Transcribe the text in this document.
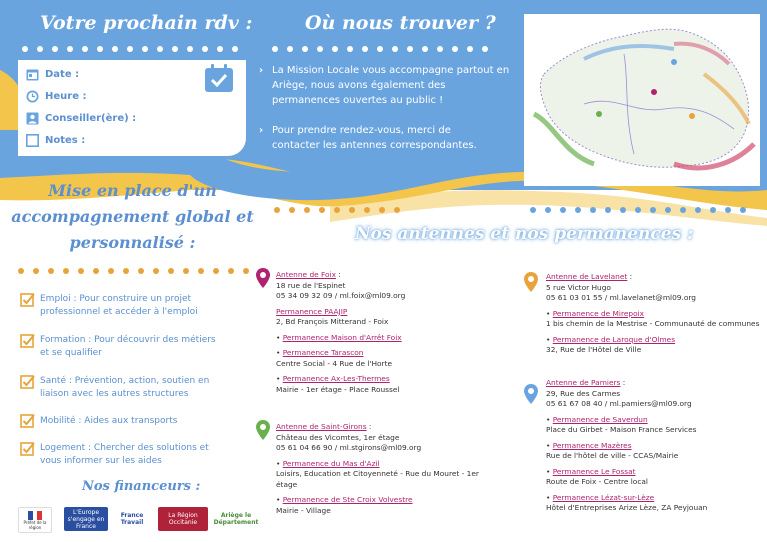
Votre prochain rdv :	Où nous trouver ?
Date :
Heure :
Conseiller(ère) :
Notes :
› La Mission Locale vous accompagne partout en Ariège, nous avons également des permanences ouvertes au public !
› Pour prendre rendez-vous, merci de contacter les antennes correspondantes.
Mise en place d'un accompagnement global et personnalisé :	Nos antennes et nos permanences :
Emploi : Pour construire un projet professionnel et accéder à l'emploi
Formation : Pour découvrir des métiers et se qualifier
Santé : Prévention, action, soutien en liaison avec les autres structures
Mobilité : Aides aux transports
Logement : Chercher des solutions et vous informer sur les aides
Nos financeurs :
Préfet de la région
L'Europe s'engage en France
France Travail
La Région Occitanie
Ariège le Département
Antenne de Foix :
18 rue de l'Espinet
05 34 09 32 09 / ml.foix@ml09.org
Permanence PAAJIP
2, Bd François Mitterand - Foix
• Permanence Maison d'Arrêt Foix
• Permanence Tarascon
Centre Social - 4 Rue de l'Horte
• Permanence Ax-Les-Thermes
Mairie - 1er étage - Place Roussel
Antenne de Saint-Girons :
Château des Vicomtes, 1er étage
05 61 04 66 90 / ml.stgirons@ml09.org
• Permanence du Mas d'Azil
Loisirs, Education et Citoyenneté - Rue du Mouret - 1er étage
• Permanence de Ste Croix Volvestre
Mairie - Village
Antenne de Lavelanet :
5 rue Victor Hugo
05 61 03 01 55 / ml.lavelanet@ml09.org
• Permanence de Mirepoix
1 bis chemin de la Mestrise - Communauté de communes
• Permanence de Laroque d'Olmes
32, Rue de l'Hôtel de Ville
Antenne de Pamiers :
29, Rue des Carmes
05 61 67 08 40 / ml.pamiers@ml09.org
• Permanence de Saverdun
Place du Girbet - Maison France Services
• Permanence Mazères
Rue de l'hôtel de ville - CCAS/Mairie
• Permanence Le Fossat
Route de Foix - Centre local
• Permanence Lézat-sur-Lèze
Hôtel d'Entreprises Arize Lèze, ZA Peyjouan
